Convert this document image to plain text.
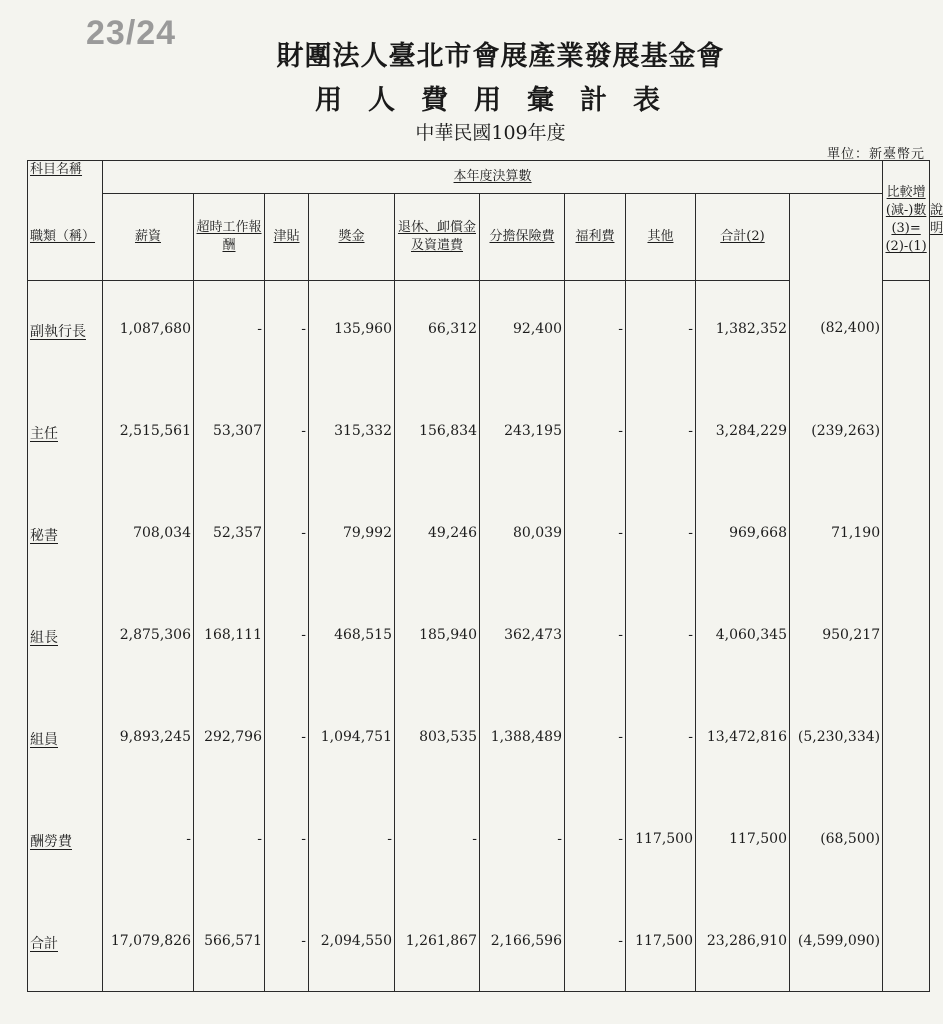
23/24
財團法人臺北市會展產業發展基金會
用人費用彙計表
中華民國109年度
單位：新臺幣元
科目名稱	本年度決算數										比較增(減-)數(3)=(2)-(1)	說明
職類（稱）	薪資	超時工作報酬	津貼	獎金	退休、卹償金及資遣費	分擔保險費	福利費	其他	合計(2)			
副執行長	1,087,680	-	-	135,960	66,312	92,400	-	-	1,382,352	(82,400)		
主任	2,515,561	53,307	-	315,332	156,834	243,195	-	-	3,284,229	(239,263)		
秘書	708,034	52,357	-	79,992	49,246	80,039	-	-	969,668	71,190		
組長	2,875,306	168,111	-	468,515	185,940	362,473	-	-	4,060,345	950,217		
組員	9,893,245	292,796	-	1,094,751	803,535	1,388,489	-	-	13,472,816	(5,230,334)		
酬勞費	-	-	-	-	-	-	-	117,500	117,500	(68,500)		
合計	17,079,826	566,571	-	2,094,550	1,261,867	2,166,596	-	117,500	23,286,910	(4,599,090)		
